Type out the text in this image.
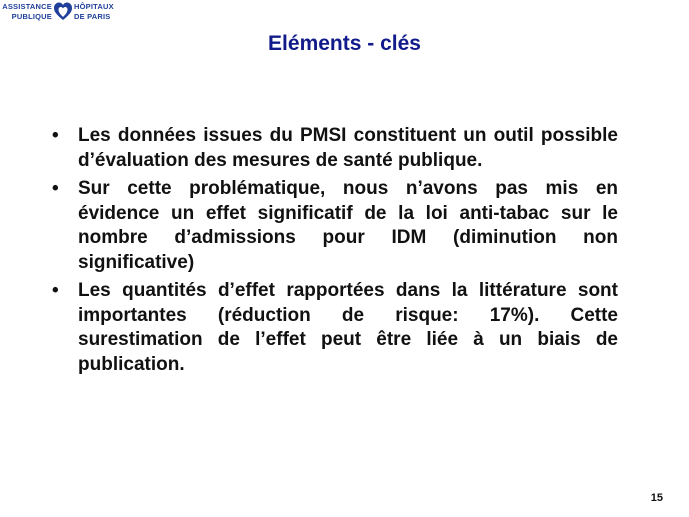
ASSISTANCE
PUBLIQUE
HÔPITAUX
DE PARIS
Eléments - clés
• Les données issues du PMSI constituent un outil possible d’évaluation des mesures de santé publique.
• Sur cette problématique, nous n’avons pas mis en évidence un effet significatif de la loi anti-tabac sur le nombre d’admissions pour IDM (diminution non significative)
• Les quantités d’effet rapportées dans la littérature sont importantes (réduction de risque: 17%). Cette surestimation de l’effet peut être liée à un biais de publication.
15
